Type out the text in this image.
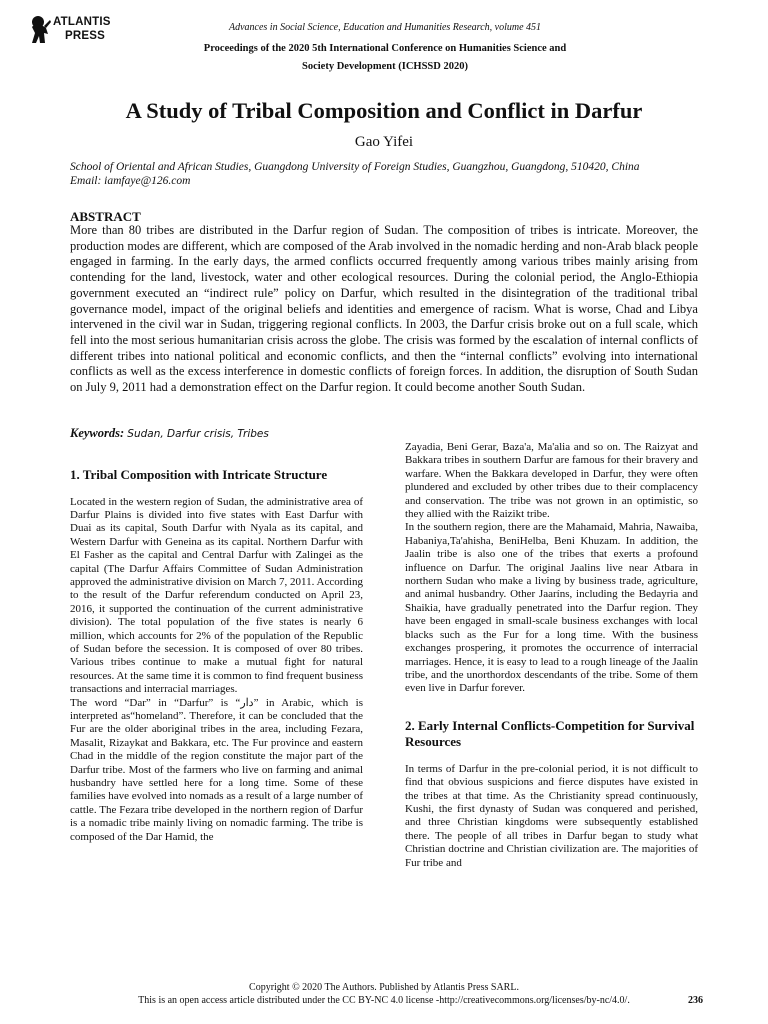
ATLANTIS
PRESS
Advances in Social Science, Education and Humanities Research, volume 451
Proceedings of the 2020 5th International Conference on Humanities Science and
Society Development (ICHSSD 2020)
A Study of Tribal Composition and Conflict in Darfur
Gao Yifei
School of Oriental and African Studies, Guangdong University of Foreign Studies, Guangzhou, Guangdong, 510420, China
Email: iamfaye@126.com
ABSTRACT
More than 80 tribes are distributed in the Darfur region of Sudan. The composition of tribes is intricate. Moreover, the production modes are different, which are composed of the Arab involved in the nomadic herding and non-Arab black people engaged in farming. In the early days, the armed conflicts occurred frequently among various tribes mainly arising from contending for the land, livestock, water and other ecological resources. During the colonial period, the Anglo-Ethiopia government executed an “indirect rule” policy on Darfur, which resulted in the disintegration of the traditional tribal governance model, impact of the original beliefs and identities and emergence of racism. What is worse, Chad and Libya intervened in the civil war in Sudan, triggering regional conflicts. In 2003, the Darfur crisis broke out on a full scale, which fell into the most serious humanitarian crisis across the globe. The crisis was formed by the escalation of internal conflicts of different tribes into national political and economic conflicts, and then the “internal conflicts” evolving into international conflicts as well as the excess interference in domestic conflicts of foreign forces. In addition, the disruption of South Sudan on July 9, 2011 had a demonstration effect on the Darfur region. It could become another South Sudan.
Keywords: Sudan, Darfur crisis, Tribes
1. Tribal Composition with Intricate Structure

Located in the western region of Sudan, the administrative area of Darfur Plains is divided into five states with East Darfur with Duai as its capital, South Darfur with Nyala as its capital, and Western Darfur with Geneina as its capital. Northern Darfur with El Fasher as the capital and Central Darfur with Zalingei as the capital (The Darfur Affairs Committee of Sudan Administration approved the administrative division on March 7, 2011. According to the result of the Darfur referendum conducted on April 23, 2016, it supported the continuation of the current administrative division). The total population of the five states is nearly 6 million, which accounts for 2% of the population of the Republic of Sudan before the secession. It is composed of over 80 tribes. Various tribes continue to make a mutual fight for natural resources. At the same time it is common to find frequent business transactions and interracial marriages.

The word “Dar” in “Darfur” is “دار” in Arabic, which is interpreted as“homeland”. Therefore, it can be concluded that the Fur are the older aboriginal tribes in the area, including Fezara, Masalit, Rizaykat and Bakkara, etc. The Fur province and eastern Chad in the middle of the region constitute the major part of the Darfur tribe. Most of the farmers who live on farming and animal husbandry have settled here for a long time. Some of these families have evolved into nomads as a result of a large number of cattle. The Fezara tribe developed in the northern region of Darfur is a nomadic tribe mainly living on nomadic farming. The tribe is composed of the Dar Hamid, the

Zayadia, Beni Gerar, Baza'a, Ma'alia and so on. The Raizyat and Bakkara tribes in southern Darfur are famous for their bravery and warfare. When the Bakkara developed in Darfur, they were often plundered and excluded by other tribes due to their complacency and conservation. The tribe was not grown in an optimistic, so they allied with the Raizikt tribe.

In the southern region, there are the Mahamaid, Mahria, Nawaiba, Habaniya,Ta'ahisha, BeniHelba, Beni Khuzam. In addition, the Jaalin tribe is also one of the tribes that exerts a profound influence on Darfur. The original Jaalins live near Atbara in northern Sudan who make a living by business trade, agriculture, and animal husbandry. Other Jaaríns, including the Bedayria and Shaikia, have gradually penetrated into the Darfur region. They have been engaged in small-scale business exchanges with local blacks such as the Fur for a long time. With the business exchanges prospering, it promotes the occurrence of interracial marriages. Hence, it is easy to lead to a rough lineage of the Jaalin tribe, and the unorthordox descendants of the tribe. Some of them even live in Darfur forever.

2. Early Internal Conflicts-Competition for Survival Resources

In terms of Darfur in the pre-colonial period, it is not difficult to find that obvious suspicions and fierce disputes have existed in the tribes at that time. As the Christianity spread continuously, Kushi, the first dynasty of Sudan was conquered and perished, and three Christian kingdoms were subsequently established there. The people of all tribes in Darfur began to study what Christian doctrine and Christian civilization are. The majorities of Fur tribe and

Copyright © 2020 The Authors. Published by Atlantis Press SARL.
This is an open access article distributed under the CC BY-NC 4.0 license -http://creativecommons.org/licenses/by-nc/4.0/.	236
